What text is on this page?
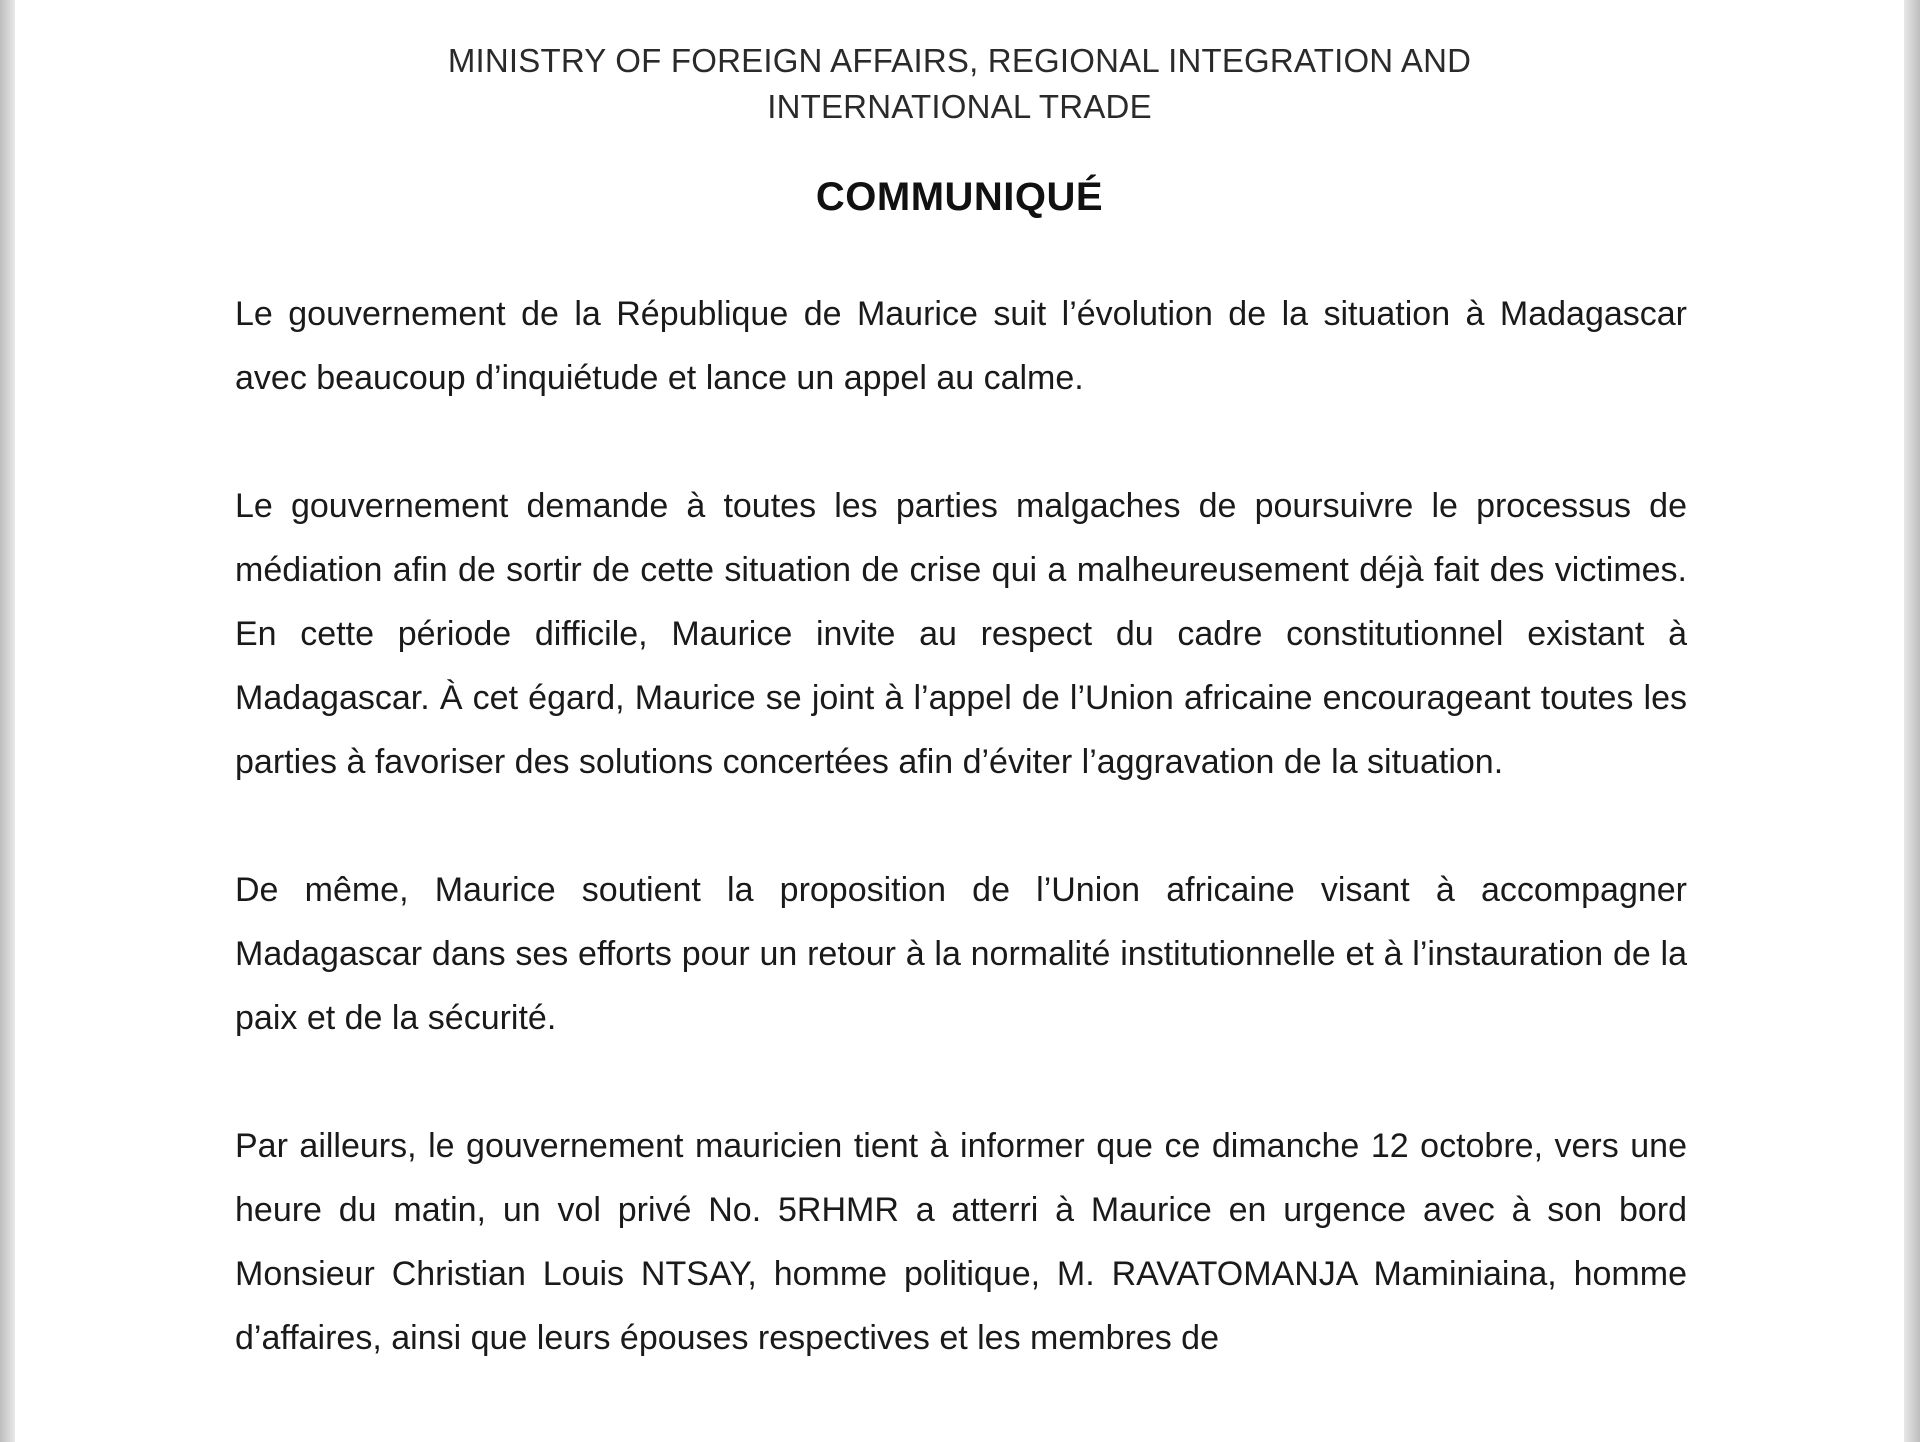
MINISTRY OF FOREIGN AFFAIRS, REGIONAL INTEGRATION AND
INTERNATIONAL TRADE
COMMUNIQUÉ

Le gouvernement de la République de Maurice suit l’évolution de la situation à Madagascar avec beaucoup d’inquiétude et lance un appel au calme.

Le gouvernement demande à toutes les parties malgaches de poursuivre le processus de médiation afin de sortir de cette situation de crise qui a malheureusement déjà fait des victimes. En cette période difficile, Maurice invite au respect du cadre constitutionnel existant à Madagascar. À cet égard, Maurice se joint à l’appel de l’Union africaine encourageant toutes les parties à favoriser des solutions concertées afin d’éviter l’aggravation de la situation.

De même, Maurice soutient la proposition de l’Union africaine visant à accompagner Madagascar dans ses efforts pour un retour à la normalité institutionnelle et à l’instauration de la paix et de la sécurité.

Par ailleurs, le gouvernement mauricien tient à informer que ce dimanche 12 octobre, vers une heure du matin, un vol privé No. 5RHMR a atterri à Maurice en urgence avec à son bord Monsieur Christian Louis NTSAY, homme politique, M. RAVATOMANJA Maminiaina, homme d’affaires, ainsi que leurs épouses respectives et les membres de
